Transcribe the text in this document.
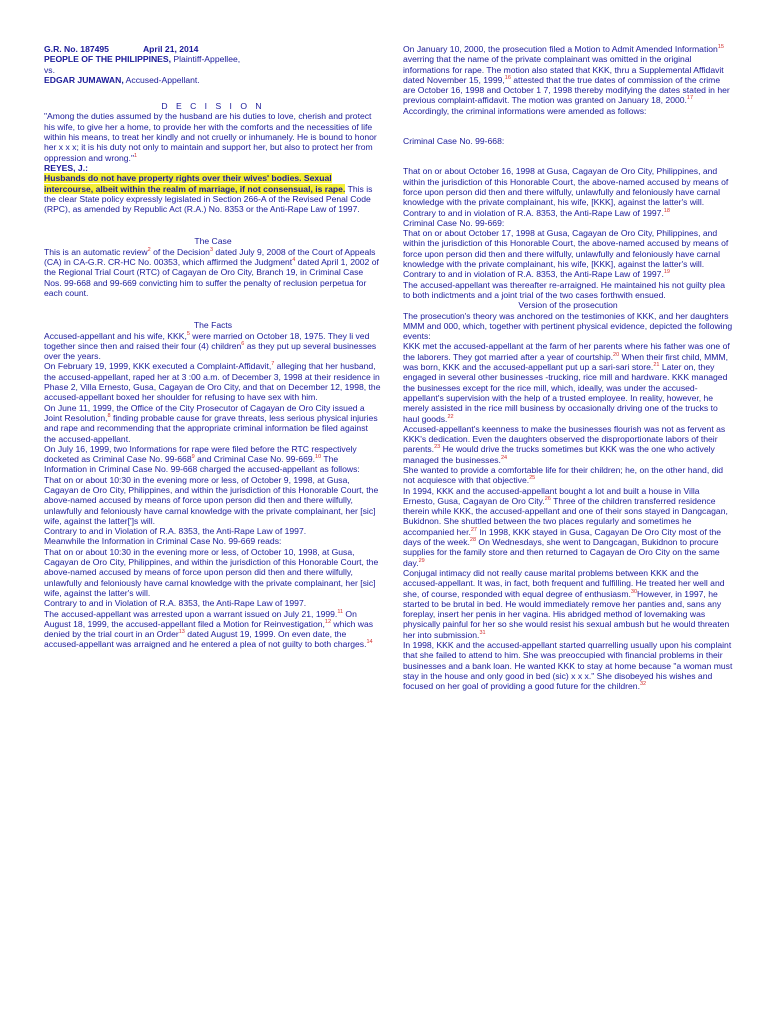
G.R. No. 187495	April 21, 2014

PEOPLE OF THE PHILIPPINES, Plaintiff-Appellee,

vs.

EDGAR JUMAWAN, Accused-Appellant.

D E C I S I O N

"Among the duties assumed by the husband are his duties to love, cherish and protect his wife, to give her a home, to provide her with the comforts and the necessities of life within his means, to treat her kindly and not cruelly or inhumanely. He is bound to honor her x x x; it is his duty not only to maintain and support her, but also to protect her from oppression and wrong."$^1$

REYES, J.:

Husbands do not have property rights over their wives' bodies. Sexual intercourse, albeit within the realm of marriage, if not consensual, is rape. This is the clear State policy expressly legislated in Section 266-A of the Revised Penal Code (RPC), as amended by Republic Act (R.A.) No. 8353 or the Anti-Rape Law of 1997.

The Case

This is an automatic review$^2$ of the Decision$^3$ dated July 9, 2008 of the Court of Appeals (CA) in CA-G.R. CR-HC No. 00353, which affirmed the Judgment$^4$ dated April 1, 2002 of the Regional Trial Court (RTC) of Cagayan de Oro City, Branch 19, in Criminal Case Nos. 99-668 and 99-669 convicting him to suffer the penalty of reclusion perpetua for each count.

The Facts

Accused-appellant and his wife, KKK,$^5$ were married on October 18, 1975. They li ved together since then and raised their four (4) children$^6$ as they put up several businesses over the years.

On February 19, 1999, KKK executed a Complaint-Affidavit,$^7$ alleging that her husband, the accused-appellant, raped her at 3 :00 a.m. of December 3, 1998 at their residence in Phase 2, Villa Ernesto, Gusa, Cagayan de Oro City, and that on December 12, 1998, the accused-appellant boxed her shoulder for refusing to have sex with him.

On June 11, 1999, the Office of the City Prosecutor of Cagayan de Oro City issued a Joint Resolution,$^8$ finding probable cause for grave threats, less serious physical injuries and rape and recommending that the appropriate criminal information be filed against the accused-appellant.

On July 16, 1999, two Informations for rape were filed before the RTC respectively docketed as Criminal Case No. $99-668^9$ and Criminal Case No. 99-669.10 The Information in Criminal Case No. 99-668 charged the accused-appellant as follows:

That on or about 10:30 in the evening more or less, of October 9, 1998, at Gusa, Cagayan de Oro City, Philippines, and within the jurisdiction of this Honorable Court, the above-named accused by means of force upon person did then and there wilfully, unlawfully and feloniously have carnal knowledge with the private complainant, her [sic] wife, against the latter[']s will.

Contrary to and in Violation of R.A. 8353, the Anti-Rape Law of 1997.

Meanwhile the Information in Criminal Case No. 99-669 reads:

That on or about 10:30 in the evening more or less, of October 10, 1998, at Gusa, Cagayan de Oro City, Philippines, and within the jurisdiction of this Honorable Court, the above-named accused by means of force upon person did then and there wilfully, unlawfully and feloniously have carnal knowledge with the private complainant, her [sic] wife, against the latter's will.

Contrary to and in Violation of R.A. 8353, the Anti-Rape Law of 1997.

The accused-appellant was arrested upon a warrant issued on July 21, 1999.11 On August 18, 1999, the accused-appellant filed a Motion for Reinvestigation,$^{12}$ which was denied by the trial court in an Order$^{13}$ dated August 19, 1999. On even date, the accused-appellant was arraigned and he entered a plea of not guilty to both charges.$^{14}$

On January 10, 2000, the prosecution filed a Motion to Admit Amended Information$^{15}$ averring that the name of the private complainant was omitted in the original informations for rape. The motion also stated that KKK, thru a Supplemental Affidavit dated November 15, 1999,16 attested that the true dates of commission of the crime are October 16, 1998 and October 1 7, 1998 thereby modifying the dates stated in her previous complaint-affidavit. The motion was granted on January 18, 2000.17 Accordingly, the criminal informations were amended as follows:

Criminal Case No. 99-668:

That on or about October 16, 1998 at Gusa, Cagayan de Oro City, Philippines, and within the jurisdiction of this Honorable Court, the above-named accused by means of force upon person did then and there wilfully, unlawfully and feloniously have carnal knowledge with the private complainant, his wife, [KKK], against the latter's will.

Contrary to and in violation of R.A. 8353, the Anti-Rape Law of 1997.18

Criminal Case No. 99-669:

That on or about October 17, 1998 at Gusa, Cagayan de Oro City, Philippines, and within the jurisdiction of this Honorable Court, the above-named accused by means of force upon person did then and there wilfully, unlawfully and feloniously have carnal knowledge with the private complainant, his wife, [KKK], against the latter's will.

Contrary to and in violation of R.A. 8353, the Anti-Rape Law of 1997.19

The accused-appellant was thereafter re-arraigned. He maintained his not guilty plea to both indictments and a joint trial of the two cases forthwith ensued.

Version of the prosecution

The prosecution's theory was anchored on the testimonies of KKK, and her daughters MMM and 000, which, together with pertinent physical evidence, depicted the following events:

KKK met the accused-appellant at the farm of her parents where his father was one of the laborers. They got married after a year of courtship.$^{20}$ When their first child, MMM, was born, KKK and the accused-appellant put up a sari-sari store.$^{21}$ Later on, they engaged in several other businesses -trucking, rice mill and hardware. KKK managed the businesses except for the rice mill, which, ideally, was under the accused-appellant's supervision with the help of a trusted employee. In reality, however, he merely assisted in the rice mill business by occasionally driving one of the trucks to haul goods.$^{22}$

Accused-appellant's keenness to make the businesses flourish was not as fervent as KKK's dedication. Even the daughters observed the disproportionate labors of their parents.$^{23}$ He would drive the trucks sometimes but KKK was the one who actively managed the businesses.$^{24}$

She wanted to provide a comfortable life for their children; he, on the other hand, did not acquiesce with that objective.$^{25}$

In 1994, KKK and the accused-appellant bought a lot and built a house in Villa Ernesto, Gusa, Cagayan de Oro City.$^{26}$ Three of the children transferred residence therein while KKK, the accused-appellant and one of their sons stayed in Dangcagan, Bukidnon. She shuttled between the two places regularly and sometimes he accompanied her.$^{27}$ In 1998, KKK stayed in Gusa, Cagayan De Oro City most of the days of the week.$^{28}$ On Wednesdays, she went to Dangcagan, Bukidnon to procure supplies for the family store and then returned to Cagayan de Oro City on the same day.$^{29}$

Conjugal intimacy did not really cause marital problems between KKK and the accused-appellant. It was, in fact, both frequent and fulfilling. He treated her well and she, of course, responded with equal degree of enthusiasm.$^{30}$However, in 1997, he started to be brutal in bed. He would immediately remove her panties and, sans any foreplay, insert her penis in her vagina. His abridged method of lovemaking was physically painful for her so she would resist his sexual ambush but he would threaten her into submission.$^{31}$

In 1998, KKK and the accused-appellant started quarrelling usually upon his complaint that she failed to attend to him. She was preoccupied with financial problems in their businesses and a bank loan. He wanted KKK to stay at home because "a woman must stay in the house and only good in bed (sic) x x x." She disobeyed his wishes and focused on her goal of providing a good future for the children.$^{32}$
